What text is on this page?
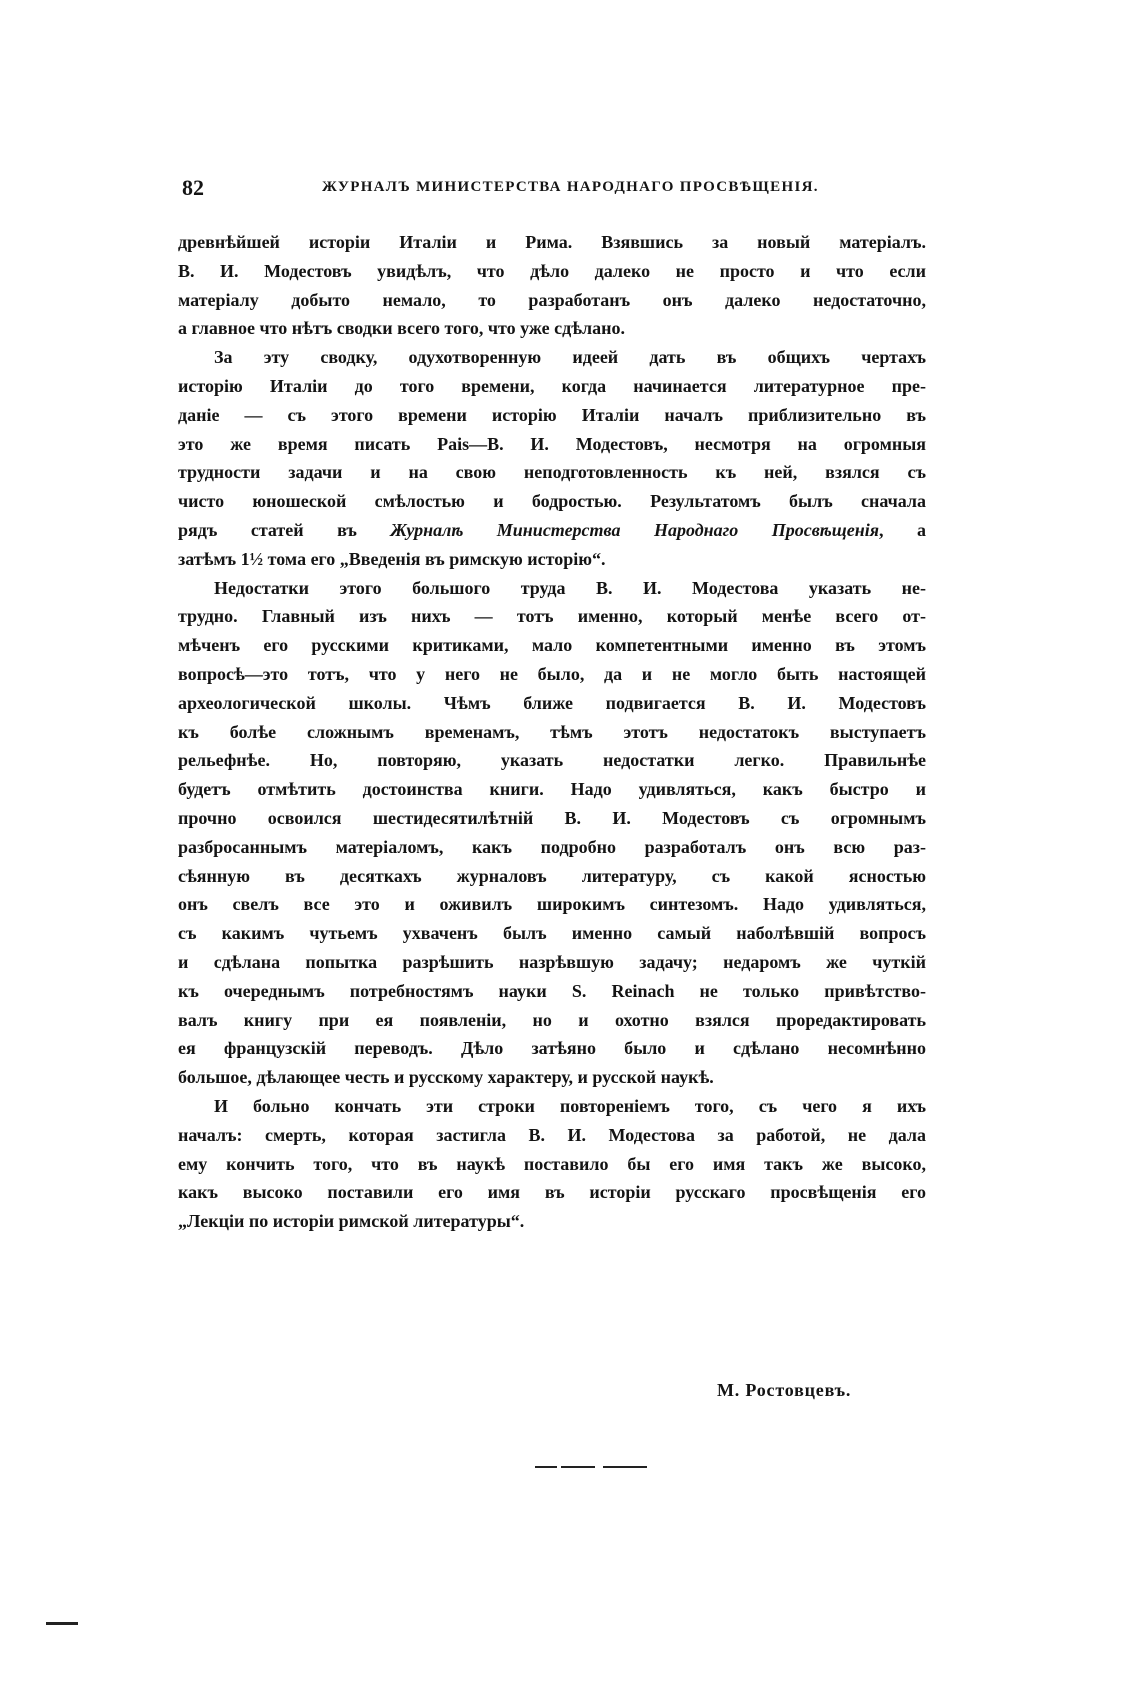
82	ЖУРНАЛЪ МИНИСТЕРСТВА НАРОДНАГО ПРОСВѢЩЕНІЯ.
древнѣйшей исторіи Италіи и Рима. Взявшись за новый матеріалъ.
В. И. Модестовъ увидѣлъ, что дѣло далеко не просто и что если
матеріалу добыто немало, то разработанъ онъ далеко недостаточно,
а главное что нѣтъ сводки всего того, что уже сдѣлано.
За эту сводку, одухотворенную идеей дать въ общихъ чертахъ
исторію Италіи до того времени, когда начинается литературное пре-
даніе — съ этого времени исторію Италіи началъ приблизительно въ
это же время писать Pais—В. И. Модестовъ, несмотря на огромныя
трудности задачи и на свою неподготовленность къ ней, взялся съ
чисто юношеской смѣлостью и бодростью. Результатомъ былъ сначала
рядъ статей въ Журналѣ Министерства Народнаго Просвѣщенія, а
затѣмъ 1½ тома его „Введенія въ римскую исторію“.
Недостатки этого большого труда В. И. Модестова указать не-
трудно. Главный изъ нихъ — тотъ именно, который менѣе всего от-
мѣченъ его русскими критиками, мало компетентными именно въ этомъ
вопросѣ—это тотъ, что у него не было, да и не могло быть настоящей
археологической школы. Чѣмъ ближе подвигается В. И. Модестовъ
къ болѣе сложнымъ временамъ, тѣмъ этотъ недостатокъ выступаетъ
рельефнѣе. Но, повторяю, указать недостатки легко. Правильнѣе
будетъ отмѣтить достоинства книги. Надо удивляться, какъ быстро и
прочно освоился шестидесятилѣтній В. И. Модестовъ съ огромнымъ
разбросаннымъ матеріаломъ, какъ подробно разработалъ онъ всю раз-
сѣянную въ десяткахъ журналовъ литературу, съ какой ясностью
онъ свелъ все это и оживилъ широкимъ синтезомъ. Надо удивляться,
съ какимъ чутьемъ ухваченъ былъ именно самый наболѣвшій вопросъ
и сдѣлана попытка разрѣшить назрѣвшую задачу; недаромъ же чуткій
къ очереднымъ потребностямъ науки S. Reinach не только привѣтство-
валъ книгу при ея появленіи, но и охотно взялся проредактировать
ея французскій переводъ. Дѣло затѣяно было и сдѣлано несомнѣнно
большое, дѣлающее честь и русскому характеру, и русской наукѣ.
И больно кончать эти строки повтореніемъ того, съ чего я ихъ
началъ: смерть, которая застигла В. И. Модестова за работой, не дала
ему кончить того, что въ наукѣ поставило бы его имя такъ же высоко,
какъ высоко поставили его имя въ исторіи русскаго просвѣщенія его
„Лекціи по исторіи римской литературы“.
М. Ростовцевъ.
